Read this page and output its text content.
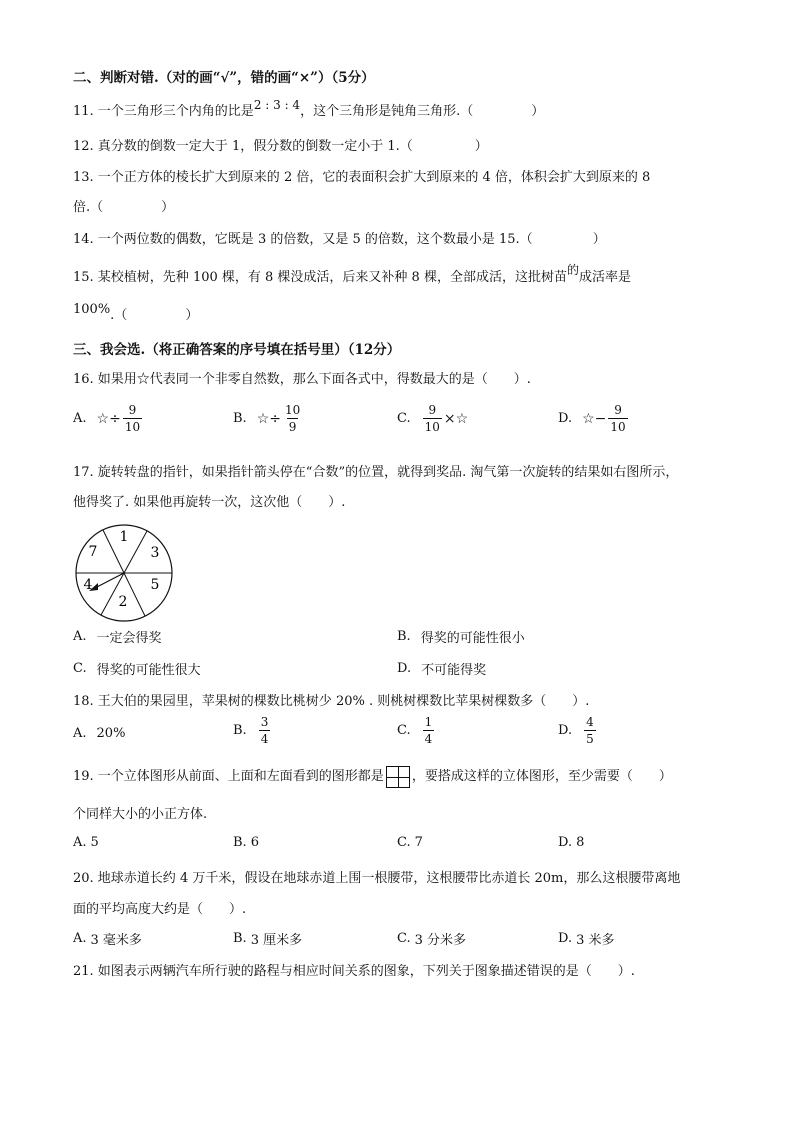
二、判断对错.（对的画“√”，错的画“×”）（5分）
11. 一个三角形三个内角的比是2 : 3 : 4，这个三角形是钝角三角形.（	）
12. 真分数的倒数一定大于 1，假分数的倒数一定小于 1.（	）
13. 一个正方体的棱长扩大到原来的 2 倍，它的表面积会扩大到原来的 4 倍，体积会扩大到原来的 8
倍.（	）
14. 一个两位数的偶数，它既是 3 的倍数，又是 5 的倍数，这个数最小是 15.（	）
15. 某校植树，先种 100 棵，有 8 棵没成活，后来又补种 8 棵，全部成活，这批树苗的成活率是
100%.（	）
三、我会选.（将正确答案的序号填在括号里）（12分）
16. 如果用☆代表同一个非零自然数，那么下面各式中，得数最大的是（　　）.
A. ☆÷ $\frac{9}{10}$	B. ☆÷ $\frac{10}{9}$	C. $\frac{9}{10}$ ×☆	D. ☆− $\frac{9}{10}$
17. 旋转转盘的指针，如果指针箭头停在“合数”的位置，就得到奖品. 淘气第一次旋转的结果如右图所示，
他得奖了. 如果他再旋转一次，这次他（　　）.
1
3
5
2
4
7
A. 一定会得奖	B. 得奖的可能性很小
C. 得奖的可能性很大	D. 不可能得奖
18. 王大伯的果园里，苹果树的棵数比桃树少 20% . 则桃树棵数比苹果树棵数多（　　）.
A. 20%	B. $\frac{3}{4}$	C. $\frac{1}{4}$	D. $\frac{4}{5}$
19. 一个立体图形从前面、上面和左面看到的图形都是 ，要搭成这样的立体图形，至少需要（　　）
个同样大小的小正方体.
A. 5	B. 6	C. 7	D. 8
20. 地球赤道长约 4 万千米，假设在地球赤道上围一根腰带，这根腰带比赤道长 20m，那么这根腰带离地
面的平均高度大约是（　　）.
A. 3 毫米多	B. 3 厘米多	C. 3 分米多	D. 3 米多
21. 如图表示两辆汽车所行驶的路程与相应时间关系的图象，下列关于图象描述错误的是（　　）.
